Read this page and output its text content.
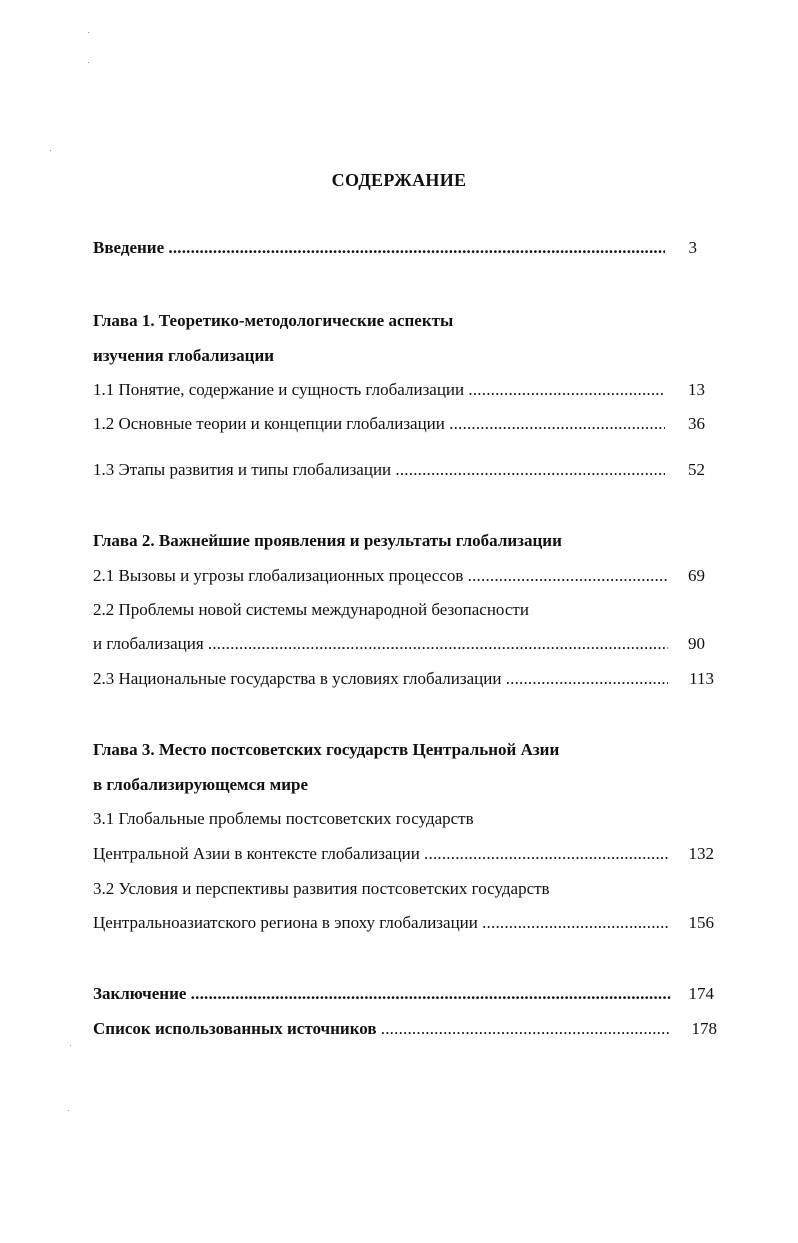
СОДЕРЖАНИЕ
Введение .....	3
Глава 1. Теоретико-методологические аспекты
изучения глобализации
1.1 Понятие, содержание и сущность глобализации .....	13
1.2 Основные теории и концепции глобализации .....	36
1.3 Этапы развития и типы глобализации .....	52
Глава 2. Важнейшие проявления и результаты глобализации
2.1 Вызовы и угрозы глобализационных процессов .....	69
2.2 Проблемы новой системы международной безопасности
и глобализация .....	90
2.3 Национальные государства в условиях глобализации .....	113
Глава 3. Место постсоветских государств Центральной Азии
в глобализирующемся мире
3.1 Глобальные проблемы постсоветских государств
Центральной Азии в контексте глобализации .....	132
3.2 Условия и перспективы развития постсоветских государств
Центральноазиатского региона в эпоху глобализации .....	156
Заключение .....	174
Список использованных источников .....	178
